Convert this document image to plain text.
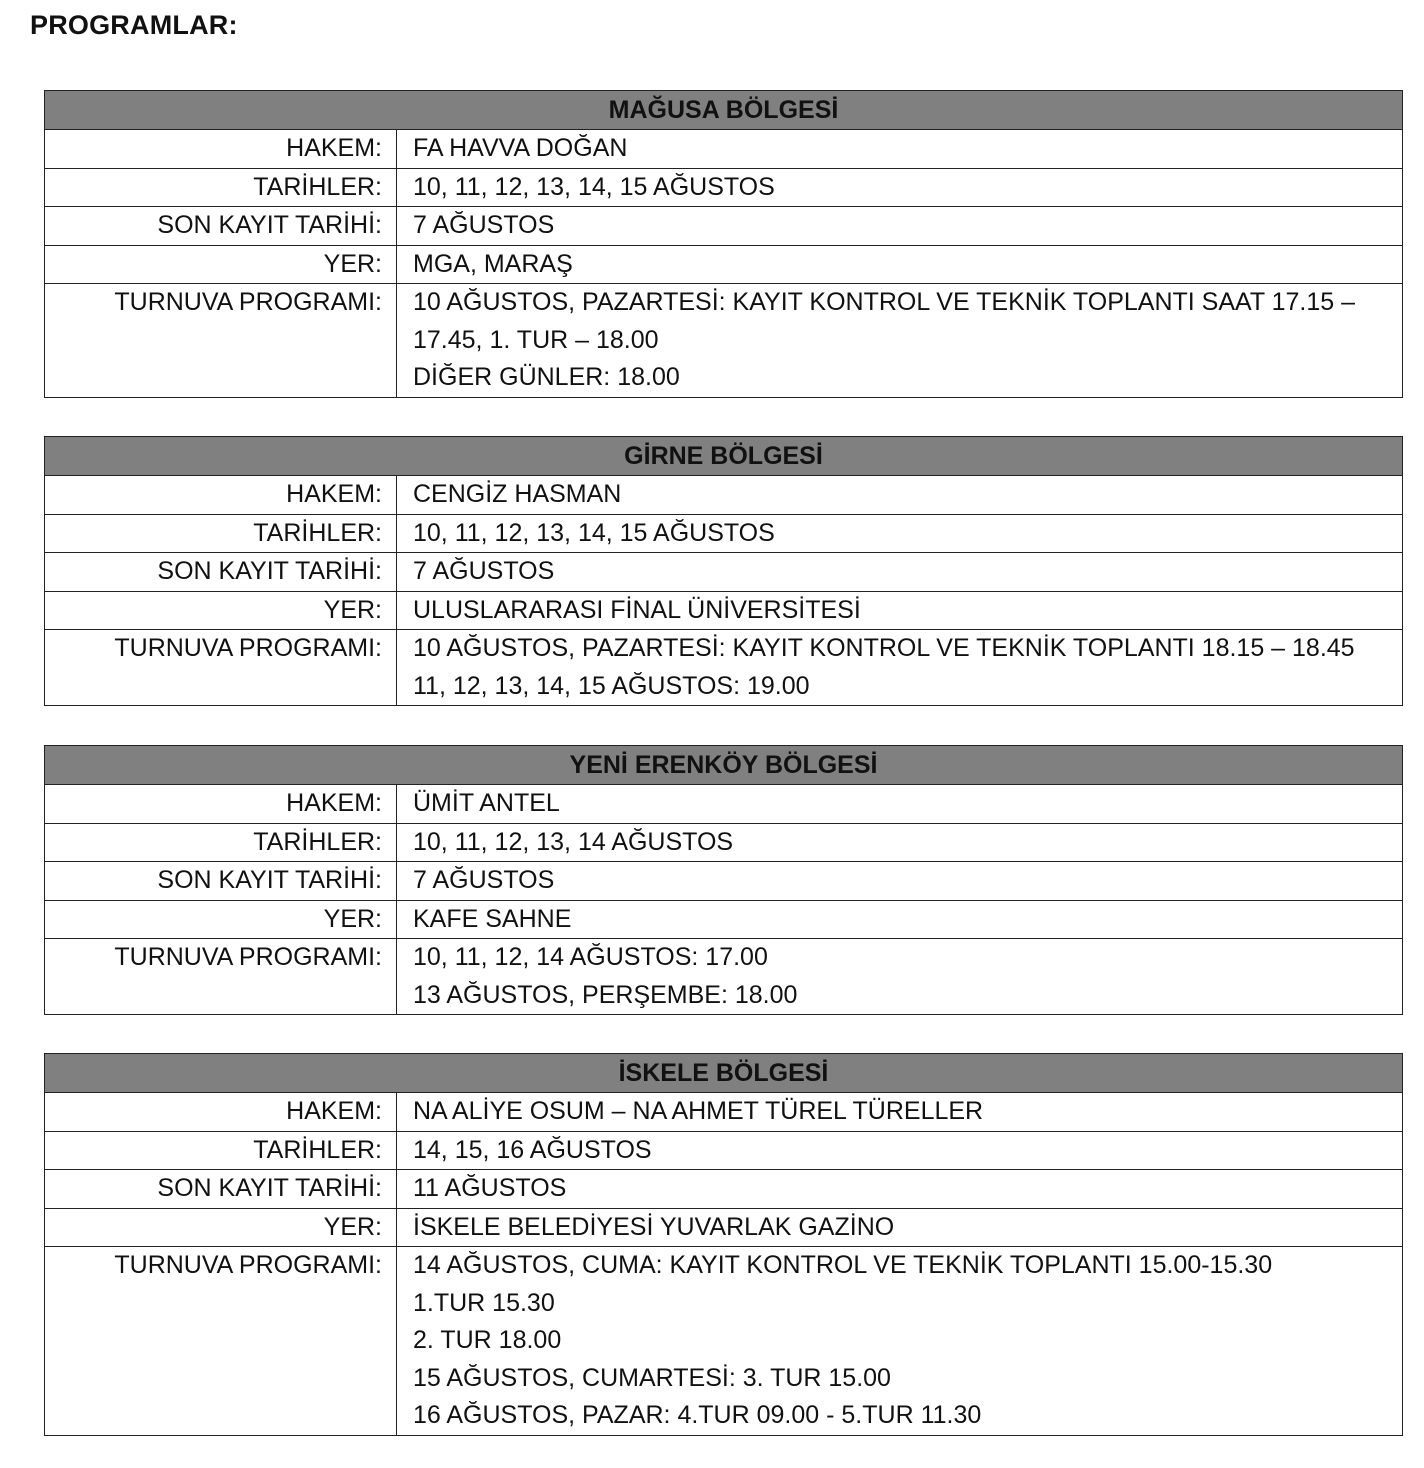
PROGRAMLAR:
MAĞUSA BÖLGESİ	
HAKEM:	FA HAVVA DOĞAN

TARİHLER:	10, 11, 12, 13, 14, 15 AĞUSTOS

SON KAYIT TARİHİ:	7 AĞUSTOS

YER:	MGA, MARAŞ

TURNUVA PROGRAMI:	10 AĞUSTOS, PAZARTESİ: KAYIT KONTROL VE TEKNİK TOPLANTI SAAT 17.15 –
17.45, 1. TUR – 18.00
DİĞER GÜNLER: 18.00
GİRNE BÖLGESİ	
HAKEM:	CENGİZ HASMAN

TARİHLER:	10, 11, 12, 13, 14, 15 AĞUSTOS

SON KAYIT TARİHİ:	7 AĞUSTOS

YER:	ULUSLARARASI FİNAL ÜNİVERSİTESİ

TURNUVA PROGRAMI:	10 AĞUSTOS, PAZARTESİ: KAYIT KONTROL VE TEKNİK TOPLANTI 18.15 – 18.45
11, 12, 13, 14, 15 AĞUSTOS: 19.00
YENİ ERENKÖY BÖLGESİ	
HAKEM:	ÜMİT ANTEL

TARİHLER:	10, 11, 12, 13, 14 AĞUSTOS

SON KAYIT TARİHİ:	7 AĞUSTOS

YER:	KAFE SAHNE

TURNUVA PROGRAMI:	10, 11, 12, 14 AĞUSTOS: 17.00
13 AĞUSTOS, PERŞEMBE: 18.00
İSKELE BÖLGESİ	
HAKEM:	NA ALİYE OSUM – NA AHMET TÜREL TÜRELLER

TARİHLER:	14, 15, 16 AĞUSTOS

SON KAYIT TARİHİ:	11 AĞUSTOS

YER:	İSKELE BELEDİYESİ YUVARLAK GAZİNO

TURNUVA PROGRAMI:	14 AĞUSTOS, CUMA: KAYIT KONTROL VE TEKNİK TOPLANTI 15.00-15.30
1.TUR 15.30
2. TUR 18.00
15 AĞUSTOS, CUMARTESİ: 3. TUR 15.00
16 AĞUSTOS, PAZAR: 4.TUR 09.00 - 5.TUR 11.30
